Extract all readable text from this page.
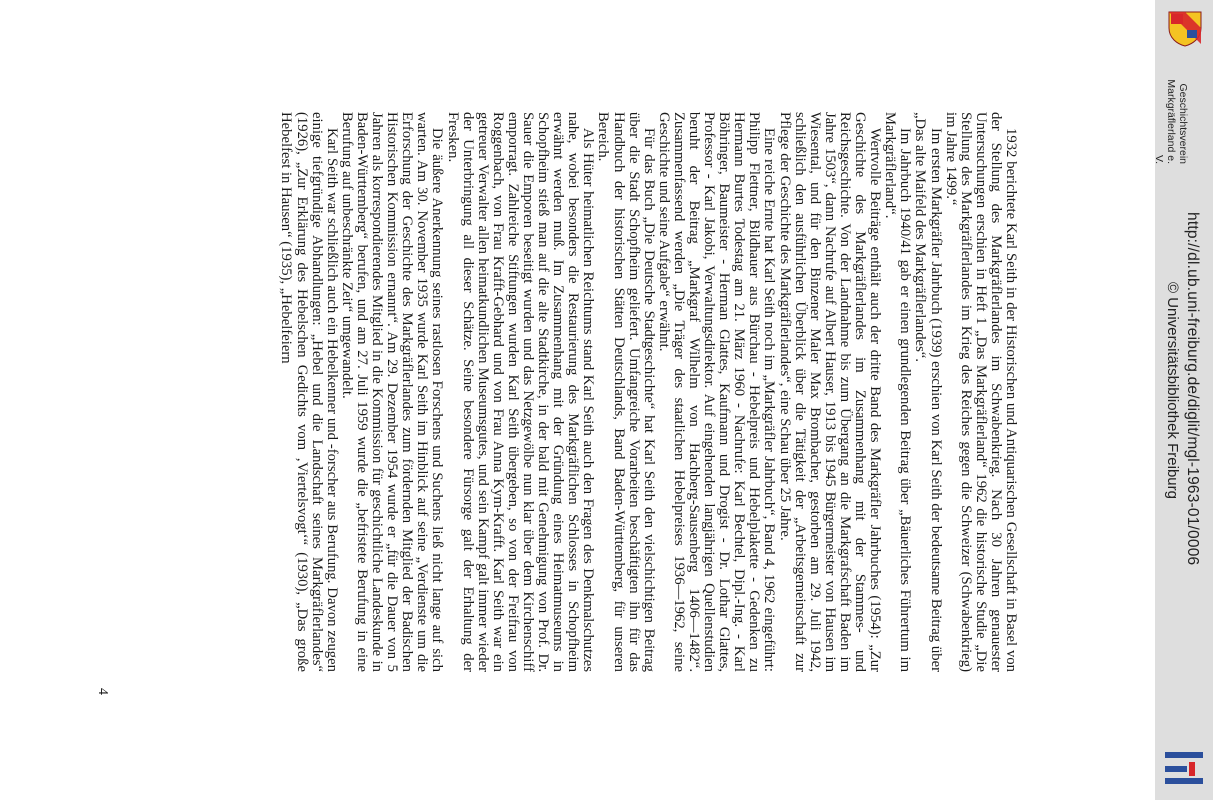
1932 berichtete Karl Seith in der Historischen und Antiquarischen Gesellschaft in Basel von der Stellung des Markgräflerlandes im Schwabenkrieg. Nach 30 Jahren genauester Untersuchungen erschien in Heft 1 „Das Markgräflerland“ 1962 die historische Studie „Die Stellung des Markgräflerlandes im Krieg des Reiches gegen die Schweizer (Schwabenkrieg) im Jahre 1499.“

Im ersten Markgräfler Jahrbuch (1939) erschien von Karl Seith der bedeutsame Beitrag über „Das alte Maifeld des Markgräflerlandes“.

Im Jahrbuch 1940/41 gab er einen grundlegenden Beitrag über „Bäuerliches Führertum im Markgräflerland“.

Wertvolle Beiträge enthält auch der dritte Band des Markgräfler Jahrbuches (1954): „Zur Geschichte des Markgräflerlandes im Zusammenhang mit der Stammes- und Reichsgeschichte. Von der Landnahme bis zum Übergang an die Markgrafschaft Baden im Jahre 1503“, dann Nachrufe auf Albert Hauser, 1913 bis 1945 Bürgermeister von Hausen im Wiesental, und für den Binzener Maler Max Brombacher, gestorben am 29. Juli 1942, schließlich den ausführlichen Überblick über die Tätigkeit der „Arbeitsgemeinschaft zur Pflege der Geschichte des Markgräflerlandes“, eine Schau über 25 Jahre.

Eine reiche Ernte hat Karl Seith noch im „Markgräfler Jahrbuch“, Band 4, 1962 eingeführt: Philipp Flettner, Bildhauer aus Bürchau - Hebelpreis und Hebelplakette - Gedenken zu Hermann Burtes Todestag am 21. März 1960 - Nachrufe: Karl Bechtel, Dipl.-Ing. - Karl Böhringer, Baumeister - Herman Glattes, Kaufmann und Drogist - Dr. Lothar Glattes, Professor - Karl Jakobi, Verwaltungsdirektor. Auf eingehenden langjährigen Quellenstudien beruht der Beitrag „Markgraf Wilhelm von Hachberg-Sausenberg 1406—1482“. Zusammenfassend werden „Die Träger des staatlichen Hebelpreises 1936—1962, seine Geschichte und seine Aufgabe“ erwähnt.

Für das Buch „Die Deutsche Stadtgeschichte“ hat Karl Seith den vielschichtigen Beitrag über die Stadt Schopfheim geliefert. Umfangreiche Vorarbeiten beschäftigten ihn für das Handbuch der historischen Stätten Deutschlands, Band Baden-Württemberg, für unseren Bereich.

Als Hüter heimatlichen Reichtums stand Karl Seith auch den Fragen des Denkmalschutzes nahe, wobei besonders die Restaurierung des Markgräflichen Schlosses in Schopfheim erwähnt werden muß. Im Zusammenhang mit der Gründung eines Heimatmuseums in Schopfheim stieß man auf die alte Stadtkirche, in der bald mit Genehmigung von Prof. Dr. Sauer die Emporen beseitigt wurden und das Netzgewölbe nun klar über dem Kirchenschiff emporragt. Zahlreiche Stiftungen wurden Karl Seith übergeben, so von der Freifrau von Roggenbach, von Frau Krafft-Gebhard und von Frau Anna Kym-Krafft. Karl Seith war ein getreuer Verwalter allen heimatkundlichen Museumsgutes, und sein Kampf galt immer wieder der Unterbringung all dieser Schätze. Seine besondere Fürsorge galt der Erhaltung der Fresken.

Die äußere Anerkennung seines rastlosen Forschens und Suchens ließ nicht lange auf sich warten. Am 30. November 1935 wurde Karl Seith im Hinblick auf seine „Verdienste um die Erforschung der Geschichte des Markgräflerlandes zum fördernden Mitglied der Badischen Historischen Kommission ernannt“. Am 29. Dezember 1954 wurde er „für die Dauer von 5 Jahren als korrespondierendes Mitglied in die Kommission für geschichtliche Landeskunde in Baden-Württemberg“ berufen, und am 27. Juli 1959 wurde die „befristete Berufung in eine Berufung auf unbeschränkte Zeit“ umgewandelt.

Karl Seith war schließlich auch ein Hebelkenner und -forscher aus Berufung. Davon zeugen einige tiefgründige Abhandlungen: „Hebel und die Landschaft seines Markgräflerlandes“ (1926), „Zur Erklärung des Hebelschen Gedichts vom ‚Viertelsvogt‘“ (1930), „Das große Hebelfest in Hausen“ (1935), „Hebelfeiern

4
Geschichtsverein
Markgräflerland e. V.
http://dl.ub.uni-freiburg.de/diglit/mgl-1963-01/0006
© Universitätsbibliothek Freiburg
